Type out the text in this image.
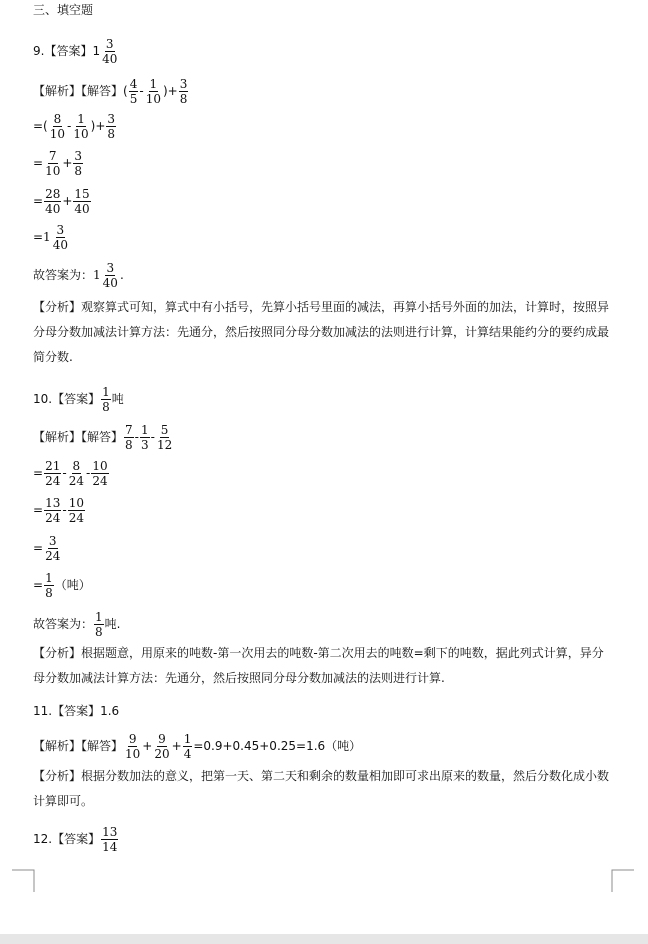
三、填空题
9.【答案】$1 \frac{3}{40}$
【解析】【解答】( $\frac{4}{5} - \frac{1}{10}$ )+ $\frac{3}{8}$
=( $\frac{8}{10} - \frac{1}{10}$ )+ $\frac{3}{8}$
= $\frac{7}{10} + \frac{3}{8}$
= $\frac{28}{40} + \frac{15}{40}$
$=1 \frac{3}{40}$
故答案为：$1 \frac{3}{40}$ .
【分析】观察算式可知，算式中有小括号，先算小括号里面的减法，再算小括号外面的加法，计算时，按照异分母分数加减法计算方法：先通分，然后按照同分母分数加减法的法则进行计算，计算结果能约分的要约成最简分数.
10.【答案】 $\frac{1}{8}$ 吨
【解析】【解答】 $\frac{7}{8} - \frac{1}{3} - \frac{5}{12}$
= $\frac{21}{24} - \frac{8}{24} - \frac{10}{24}$
= $\frac{13}{24} - \frac{10}{24}$
= $\frac{3}{24}$
= $\frac{1}{8}$ （吨）
故答案为： $\frac{1}{8}$ 吨.
【分析】根据题意，用原来的吨数-第一次用去的吨数-第二次用去的吨数=剩下的吨数，据此列式计算，异分母分数加减法计算方法：先通分，然后按照同分母分数加减法的法则进行计算.
11.【答案】1.6
【解析】【解答】 $\frac{9}{10} + \frac{9}{20} + \frac{1}{4} =0.9+0.45+0.25=1.6$（吨）
【分析】根据分数加法的意义，把第一天、第二天和剩余的数量相加即可求出原来的数量，然后分数化成小数计算即可。
12.【答案】 $\frac{13}{14}$
